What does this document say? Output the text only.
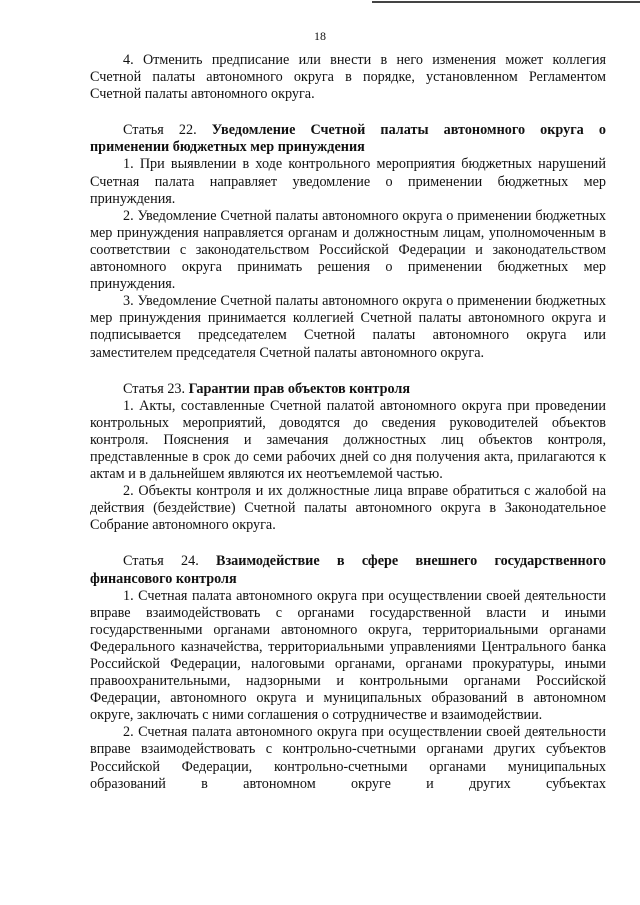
18

4. Отменить предписание или внести в него изменения может коллегия Счетной палаты автономного округа в порядке, установленном Регламентом Счетной палаты автономного округа.

Статья 22. Уведомление Счетной палаты автономного округа о применении бюджетных мер принуждения

1. При выявлении в ходе контрольного мероприятия бюджетных нарушений Счетная палата направляет уведомление о применении бюджетных мер принуждения.

2. Уведомление Счетной палаты автономного округа о применении бюджетных мер принуждения направляется органам и должностным лицам, уполномоченным в соответствии с законодательством Российской Федерации и законодательством автономного округа принимать решения о применении бюджетных мер принуждения.

3. Уведомление Счетной палаты автономного округа о применении бюджетных мер принуждения принимается коллегией Счетной палаты автономного округа и подписывается председателем Счетной палаты автономного округа или заместителем председателя Счетной палаты автономного округа.

Статья 23. Гарантии прав объектов контроля

1. Акты, составленные Счетной палатой автономного округа при проведении контрольных мероприятий, доводятся до сведения руководителей объектов контроля. Пояснения и замечания должностных лиц объектов контроля, представленные в срок до семи рабочих дней со дня получения акта, прилагаются к актам и в дальнейшем являются их неотъемлемой частью.

2. Объекты контроля и их должностные лица вправе обратиться с жалобой на действия (бездействие) Счетной палаты автономного округа в Законодательное Собрание автономного округа.

Статья 24. Взаимодействие в сфере внешнего государственного финансового контроля

1. Счетная палата автономного округа при осуществлении своей деятельности вправе взаимодействовать с органами государственной власти и иными государственными органами автономного округа, территориальными органами Федерального казначейства, территориальными управлениями Центрального банка Российской Федерации, налоговыми органами, органами прокуратуры, иными правоохранительными, надзорными и контрольными органами Российской Федерации, автономного округа и муниципальных образований в автономном округе, заключать с ними соглашения о сотрудничестве и взаимодействии.

2. Счетная палата автономного округа при осуществлении своей деятельности вправе взаимодействовать с контрольно-счетными органами других субъектов Российской Федерации, контрольно-счетными органами муниципальных образований в автономном округе и других субъектах
